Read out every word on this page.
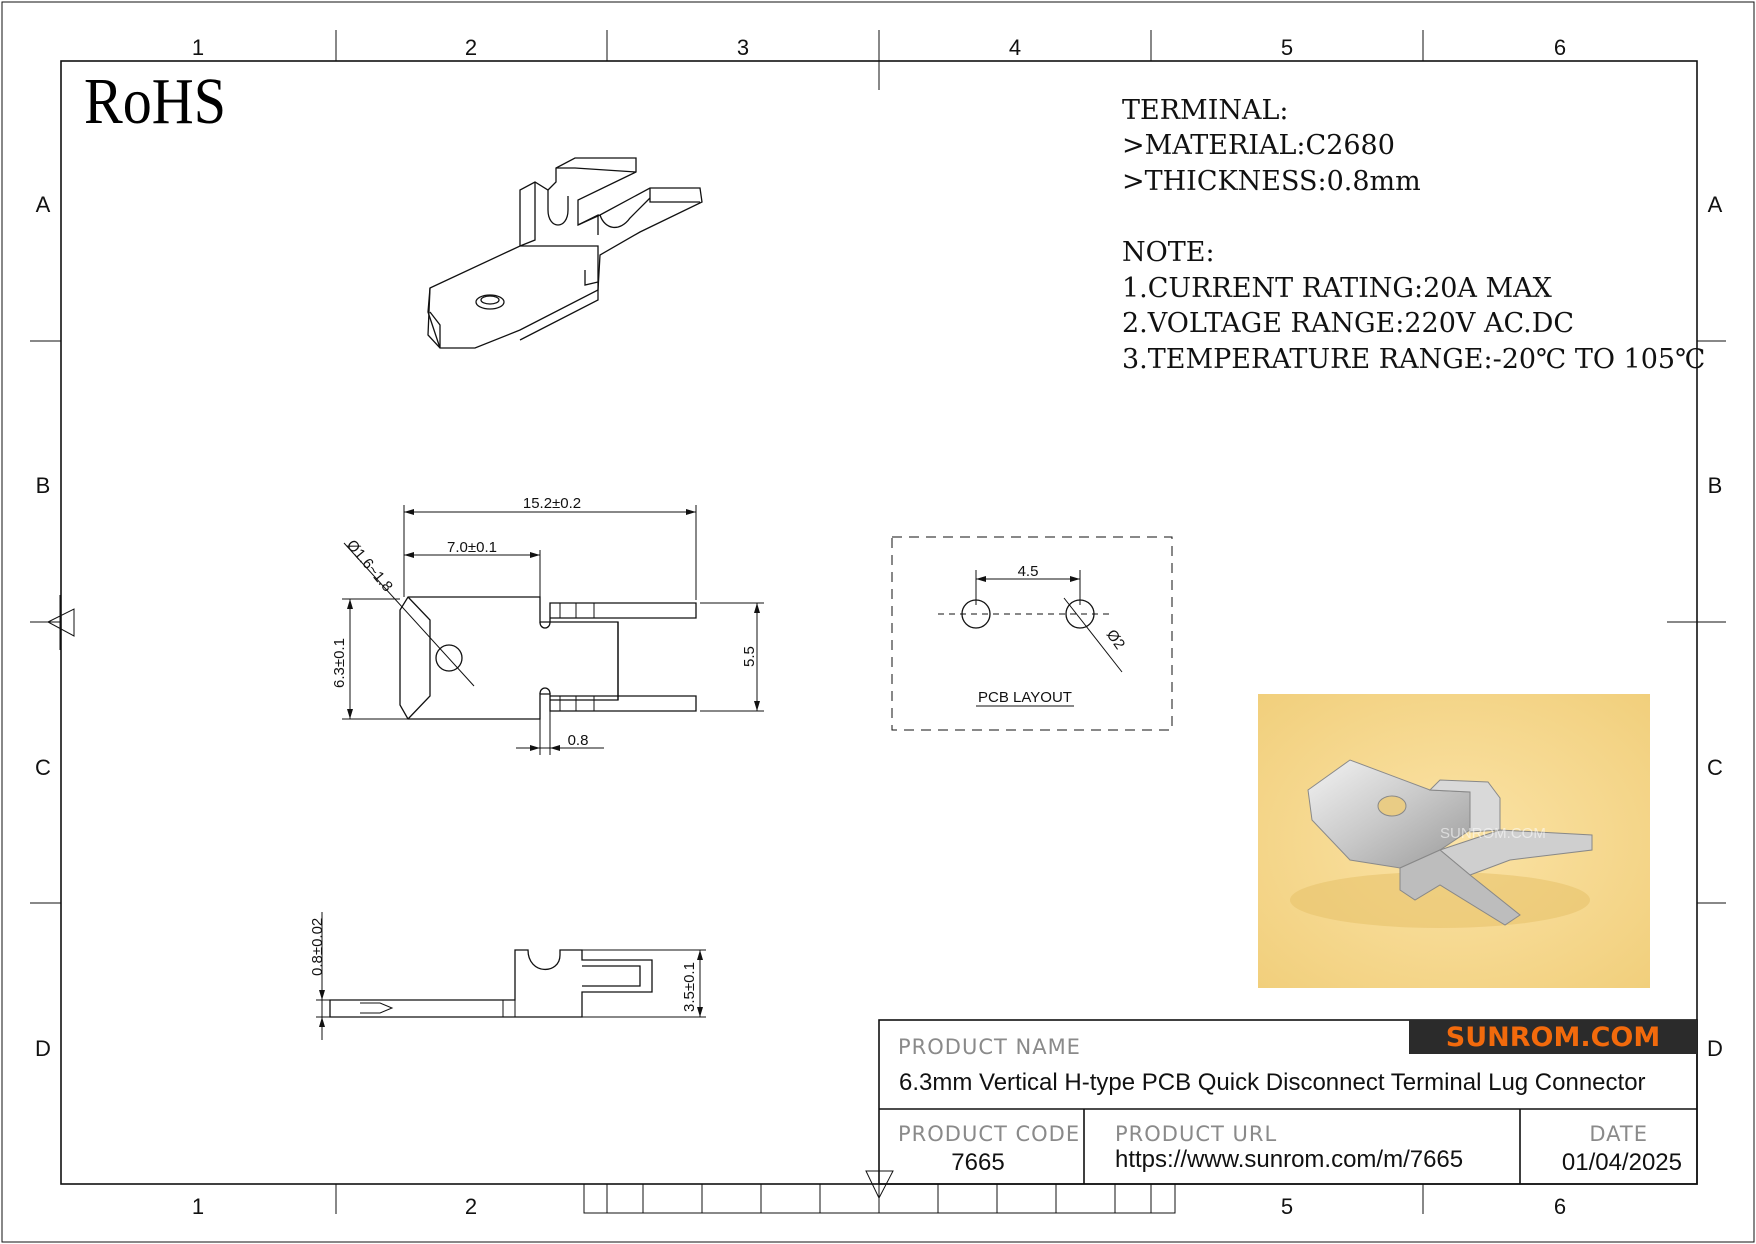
1	2	3	4	5	6
1	2	5	6
A
B
C
D
A
B
C
D
RoHS	TERMINAL:
>MATERIAL:C2680
>THICKNESS:0.8mm
NOTE:
1.CURRENT RATING:20A MAX
2.VOLTAGE RANGE:220V AC.DC
3.TEMPERATURE RANGE:-20℃ TO 105℃
15.2±0.2
7.0±0.1
Ø1.6~1.8
6.3±0.1	5.5
0.8
0.8±0.02
3.5±0.1
4.5
Ø2
PCB LAYOUT
SUNROM.COM
SUNROM.COM
PRODUCT NAME
6.3mm Vertical H-type PCB Quick Disconnect Terminal Lug Connector
PRODUCT CODE
7665
PRODUCT URL
https://www.sunrom.com/m/7665
DATE
01/04/2025
